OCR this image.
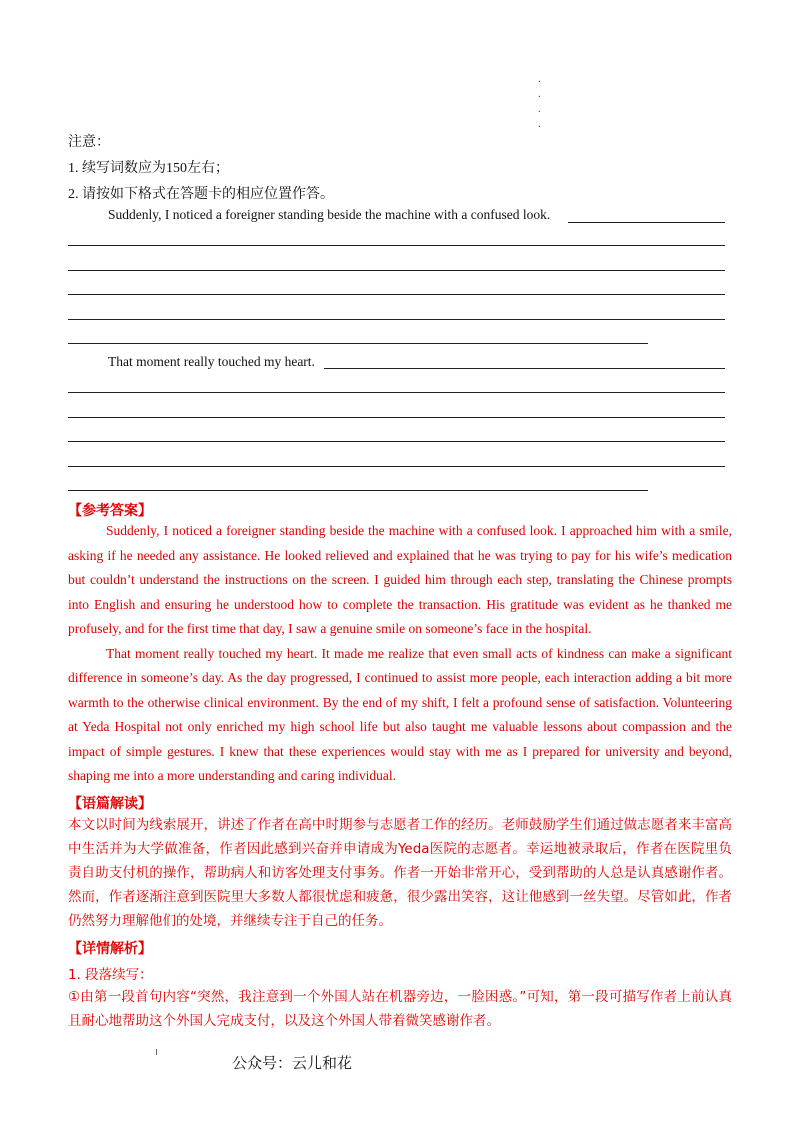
.
.
.
.
注意：
1. 续写词数应为150左右；
2. 请按如下格式在答题卡的相应位置作答。
Suddenly, I noticed a foreigner standing beside the machine with a confused look.
That moment really touched my heart.
【参考答案】

Suddenly, I noticed a foreigner standing beside the machine with a confused look. I approached him with a smile, asking if he needed any assistance. He looked relieved and explained that he was trying to pay for his wife’s medication but couldn’t understand the instructions on the screen. I guided him through each step, translating the Chinese prompts into English and ensuring he understood how to complete the transaction. His gratitude was evident as he thanked me profusely, and for the first time that day, I saw a genuine smile on someone’s face in the hospital.

That moment really touched my heart. It made me realize that even small acts of kindness can make a significant difference in someone’s day. As the day progressed, I continued to assist more people, each interaction adding a bit more warmth to the otherwise clinical environment. By the end of my shift, I felt a profound sense of satisfaction. Volunteering at Yeda Hospital not only enriched my high school life but also taught me valuable lessons about compassion and the impact of simple gestures. I knew that these experiences would stay with me as I prepared for university and beyond, shaping me into a more understanding and caring individual.

【语篇解读】

本文以时间为线索展开，讲述了作者在高中时期参与志愿者工作的经历。老师鼓励学生们通过做志愿者来丰富高中生活并为大学做准备，作者因此感到兴奋并申请成为Yeda医院的志愿者。幸运地被录取后，作者在医院里负责自助支付机的操作，帮助病人和访客处理支付事务。作者一开始非常开心，受到帮助的人总是认真感谢作者。然而，作者逐渐注意到医院里大多数人都很忧虑和疲惫，很少露出笑容，这让他感到一丝失望。尽管如此，作者仍然努力理解他们的处境，并继续专注于自己的任务。

【详情解析】
1. 段落续写：

①由第一段首句内容“突然，我注意到一个外国人站在机器旁边，一脸困惑。”可知，第一段可描写作者上前认真且耐心地帮助这个外国人完成支付，以及这个外国人带着微笑感谢作者。

公众号：云儿和花
